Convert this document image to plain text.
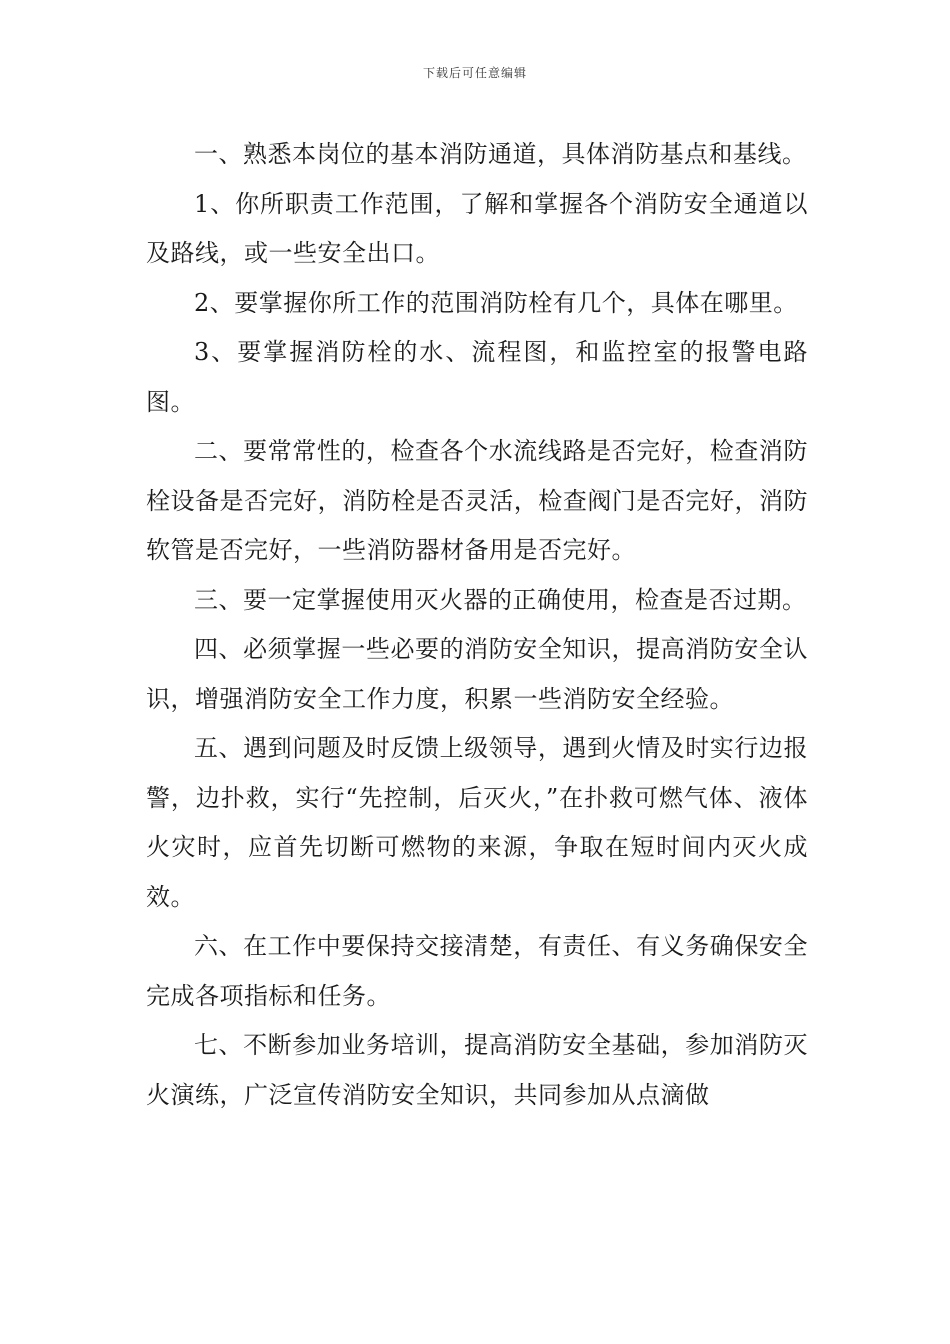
下载后可任意编辑

一、熟悉本岗位的基本消防通道，具体消防基点和基线。

1、你所职责工作范围，了解和掌握各个消防安全通道以及路线，或一些安全出口。

2、要掌握你所工作的范围消防栓有几个，具体在哪里。

3、要掌握消防栓的水、流程图，和监控室的报警电路图。

二、要常常性的，检查各个水流线路是否完好，检查消防栓设备是否完好，消防栓是否灵活，检查阀门是否完好，消防软管是否完好，一些消防器材备用是否完好。

三、要一定掌握使用灭火器的正确使用，检查是否过期。

四、必须掌握一些必要的消防安全知识，提高消防安全认识，增强消防安全工作力度，积累一些消防安全经验。

五、遇到问题及时反馈上级领导，遇到火情及时实行边报警，边扑救，实行“先控制，后灭火，”在扑救可燃气体、液体火灾时，应首先切断可燃物的来源，争取在短时间内灭火成效。

六、在工作中要保持交接清楚，有责任、有义务确保安全完成各项指标和任务。

七、不断参加业务培训，提高消防安全基础，参加消防灭火演练，广泛宣传消防安全知识，共同参加从点滴做
